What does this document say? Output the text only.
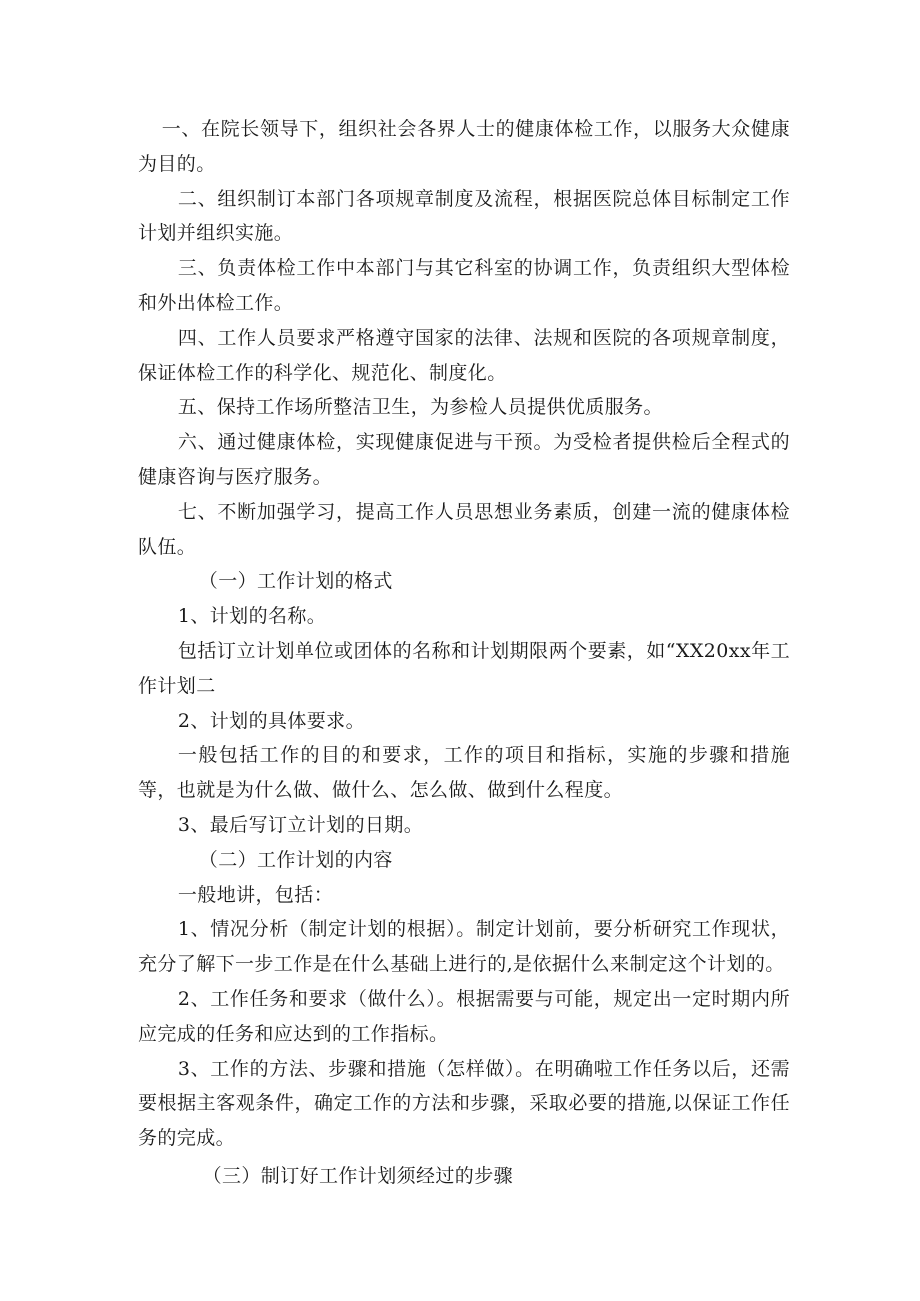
一、在院长领导下，组织社会各界人士的健康体检工作，以服务大众健康为目的。

二、组织制订本部门各项规章制度及流程，根据医院总体目标制定工作计划并组织实施。

三、负责体检工作中本部门与其它科室的协调工作，负责组织大型体检和外出体检工作。

四、工作人员要求严格遵守国家的法律、法规和医院的各项规章制度，保证体检工作的科学化、规范化、制度化。

五、保持工作场所整洁卫生，为参检人员提供优质服务。

六、通过健康体检，实现健康促进与干预。为受检者提供检后全程式的健康咨询与医疗服务。

七、不断加强学习，提高工作人员思想业务素质，创建一流的健康体检队伍。

（一）工作计划的格式

1、计划的名称。

包括订立计划单位或团体的名称和计划期限两个要素，如“XX20xx年工作计划二

2、计划的具体要求。

一般包括工作的目的和要求，工作的项目和指标，实施的步骤和措施等，也就是为什么做、做什么、怎么做、做到什么程度。

3、最后写订立计划的日期。

（二）工作计划的内容

一般地讲，包括：

1、情况分析（制定计划的根据）。制定计划前，要分析研究工作现状，充分了解下一步工作是在什么基础上进行的,是依据什么来制定这个计划的。

2、工作任务和要求（做什么）。根据需要与可能，规定出一定时期内所应完成的任务和应达到的工作指标。

3、工作的方法、步骤和措施（怎样做）。在明确啦工作任务以后，还需要根据主客观条件，确定工作的方法和步骤，采取必要的措施,以保证工作任务的完成。

（三）制订好工作计划须经过的步骤
